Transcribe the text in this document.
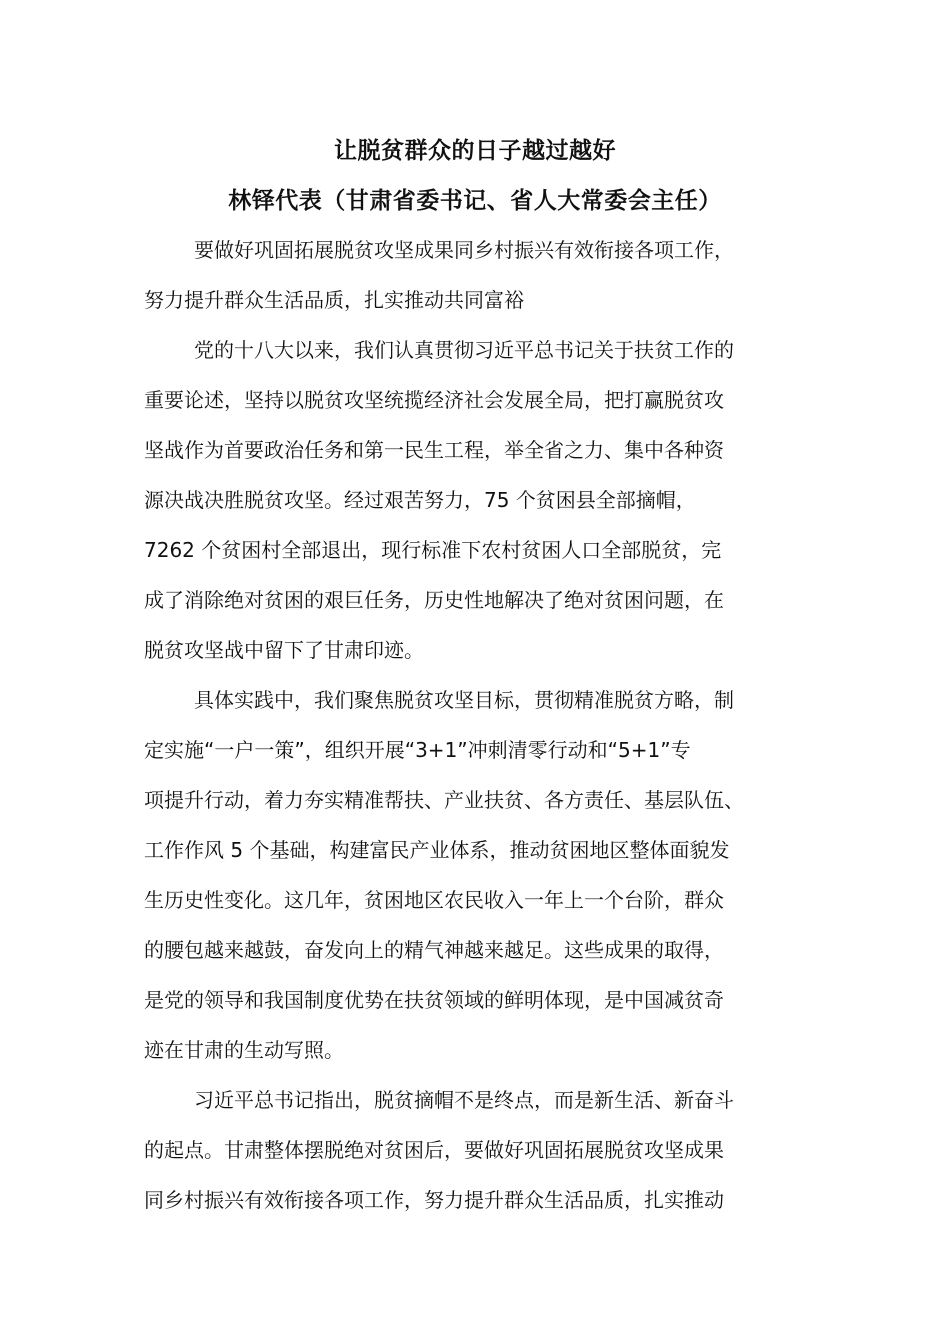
让脱贫群众的日子越过越好
林铎代表（甘肃省委书记、省人大常委会主任）
要做好巩固拓展脱贫攻坚成果同乡村振兴有效衔接各项工作，
努力提升群众生活品质，扎实推动共同富裕
党的十八大以来，我们认真贯彻习近平总书记关于扶贫工作的
重要论述，坚持以脱贫攻坚统揽经济社会发展全局，把打赢脱贫攻
坚战作为首要政治任务和第一民生工程，举全省之力、集中各种资
源决战决胜脱贫攻坚。经过艰苦努力，75 个贫困县全部摘帽，
7262 个贫困村全部退出，现行标准下农村贫困人口全部脱贫，完
成了消除绝对贫困的艰巨任务，历史性地解决了绝对贫困问题，在
脱贫攻坚战中留下了甘肃印迹。
具体实践中，我们聚焦脱贫攻坚目标，贯彻精准脱贫方略，制
定实施“一户一策”，组织开展“3+1”冲刺清零行动和“5+1”专
项提升行动，着力夯实精准帮扶、产业扶贫、各方责任、基层队伍、
工作作风 5 个基础，构建富民产业体系，推动贫困地区整体面貌发
生历史性变化。这几年，贫困地区农民收入一年上一个台阶，群众
的腰包越来越鼓，奋发向上的精气神越来越足。这些成果的取得，
是党的领导和我国制度优势在扶贫领域的鲜明体现，是中国减贫奇
迹在甘肃的生动写照。
习近平总书记指出，脱贫摘帽不是终点，而是新生活、新奋斗
的起点。甘肃整体摆脱绝对贫困后，要做好巩固拓展脱贫攻坚成果
同乡村振兴有效衔接各项工作，努力提升群众生活品质，扎实推动
